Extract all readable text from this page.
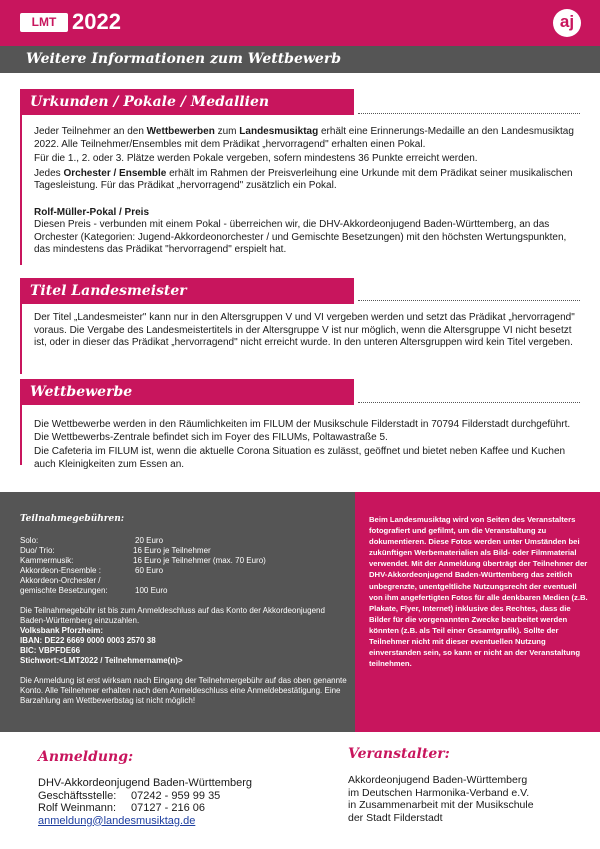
LMT 2022	aj
Weitere Informationen zum Wettbewerb
Urkunden / Pokale / Medallien

Jeder Teilnehmer an den Wettbewerben zum Landesmusiktag erhält eine Erinnerungs-Medaille an den Landesmusiktag 2022. Alle Teilnehmer/Ensembles mit dem Prädikat „hervorragend" erhalten einen Pokal.

Für die 1., 2. oder 3. Plätze werden Pokale vergeben, sofern mindestens 36 Punkte erreicht werden.

Jedes Orchester / Ensemble erhält im Rahmen der Preisverleihung eine Urkunde mit dem Prädikat seiner musikalischen Tagesleistung. Für das Prädikat „hervorragend" zusätzlich ein Pokal.

Rolf-Müller-Pokal / Preis

Diesen Preis - verbunden mit einem Pokal - überreichen wir, die DHV-Akkordeonjugend Baden-Württemberg, an das Orchester (Kategorien: Jugend-Akkordeonorchester / und Gemischte Besetzungen) mit den höchsten Wertungspunkten, das mindestens das Prädikat "hervorragend" erspielt hat.

Titel Landesmeister
Der Titel „Landesmeister" kann nur in den Altersgruppen V und VI vergeben werden und setzt das Prädikat „hervorragend" voraus. Die Vergabe des Landesmeistertitels in der Altersgruppe V ist nur möglich, wenn die Altersgruppe VI nicht besetzt ist, oder in dieser das Prädikat „hervorragend" nicht erreicht wurde. In den unteren Altersgruppen wird kein Titel vergeben.
Wettbewerbe

Die Wettbewerbe werden in den Räumlichkeiten im FILUM der Musikschule Filderstadt in 70794 Filderstadt durchgeführt.

Die Wettbewerbs-Zentrale befindet sich im Foyer des FILUMs, Poltawastraße 5.

Die Cafeteria im FILUM ist, wenn die aktuelle Corona Situation es zulässt, geöffnet und bietet neben Kaffee und Kuchen auch Kleinigkeiten zum Essen an.

Teilnahmegebühren:
Solo:	20 Euro
Duo/ Trio:	16 Euro je Teilnehmer
Kammermusik:	16 Euro je Teilnehmer (max. 70 Euro)
Akkordeon-Ensemble :	60 Euro
Akkordeon-Orchester /
gemischte Besetzungen:	100 Euro
Die Teilnahmegebühr ist bis zum Anmeldeschluss auf das Konto der Akkordeonjugend Baden-Württemberg einzuzahlen.
Volksbank Pforzheim:
IBAN: DE22 6669 0000 0003 2570 38
BIC: VBPFDE66
Stichwort:<LMT2022 / Teilnehmername(n)>
Die Anmeldung ist erst wirksam nach Eingang der Teilnehmergebühr auf das oben genannte Konto. Alle Teilnehmer erhalten nach dem Anmeldeschluss eine Anmeldebestätigung. Eine Barzahlung am Wettbewerbstag ist nicht möglich!
Beim Landesmusiktag wird von Seiten des Veranstalters fotografiert und gefilmt, um die Veranstaltung zu dokumentieren. Diese Fotos werden unter Umständen bei zukünftigen Werbematerialien als Bild- oder Filmmaterial verwendet. Mit der Anmeldung überträgt der Teilnehmer der DHV-Akkordeonjugend Baden-Württemberg das zeitlich unbegrenzte, unentgeltliche Nutzungsrecht der eventuell von ihm angefertigten Fotos für alle denkbaren Medien (z.B. Plakate, Flyer, Internet) inklusive des Rechtes, dass die Bilder für die vorgenannten Zwecke bearbeitet werden könnten (z.B. als Teil einer Gesamtgrafik). Sollte der Teilnehmer nicht mit dieser eventuellen Nutzung einverstanden sein, so kann er nicht an der Veranstaltung teilnehmen.
Anmeldung:
DHV-Akkordeonjugend Baden-Württemberg
Geschäftsstelle: 07242 - 959 99 35
Rolf Weinmann: 07127 - 216 06
anmeldung@landesmusiktag.de
Veranstalter:
Akkordeonjugend Baden-Württemberg
im Deutschen Harmonika-Verband e.V.
in Zusammenarbeit mit der Musikschule
der Stadt Filderstadt
